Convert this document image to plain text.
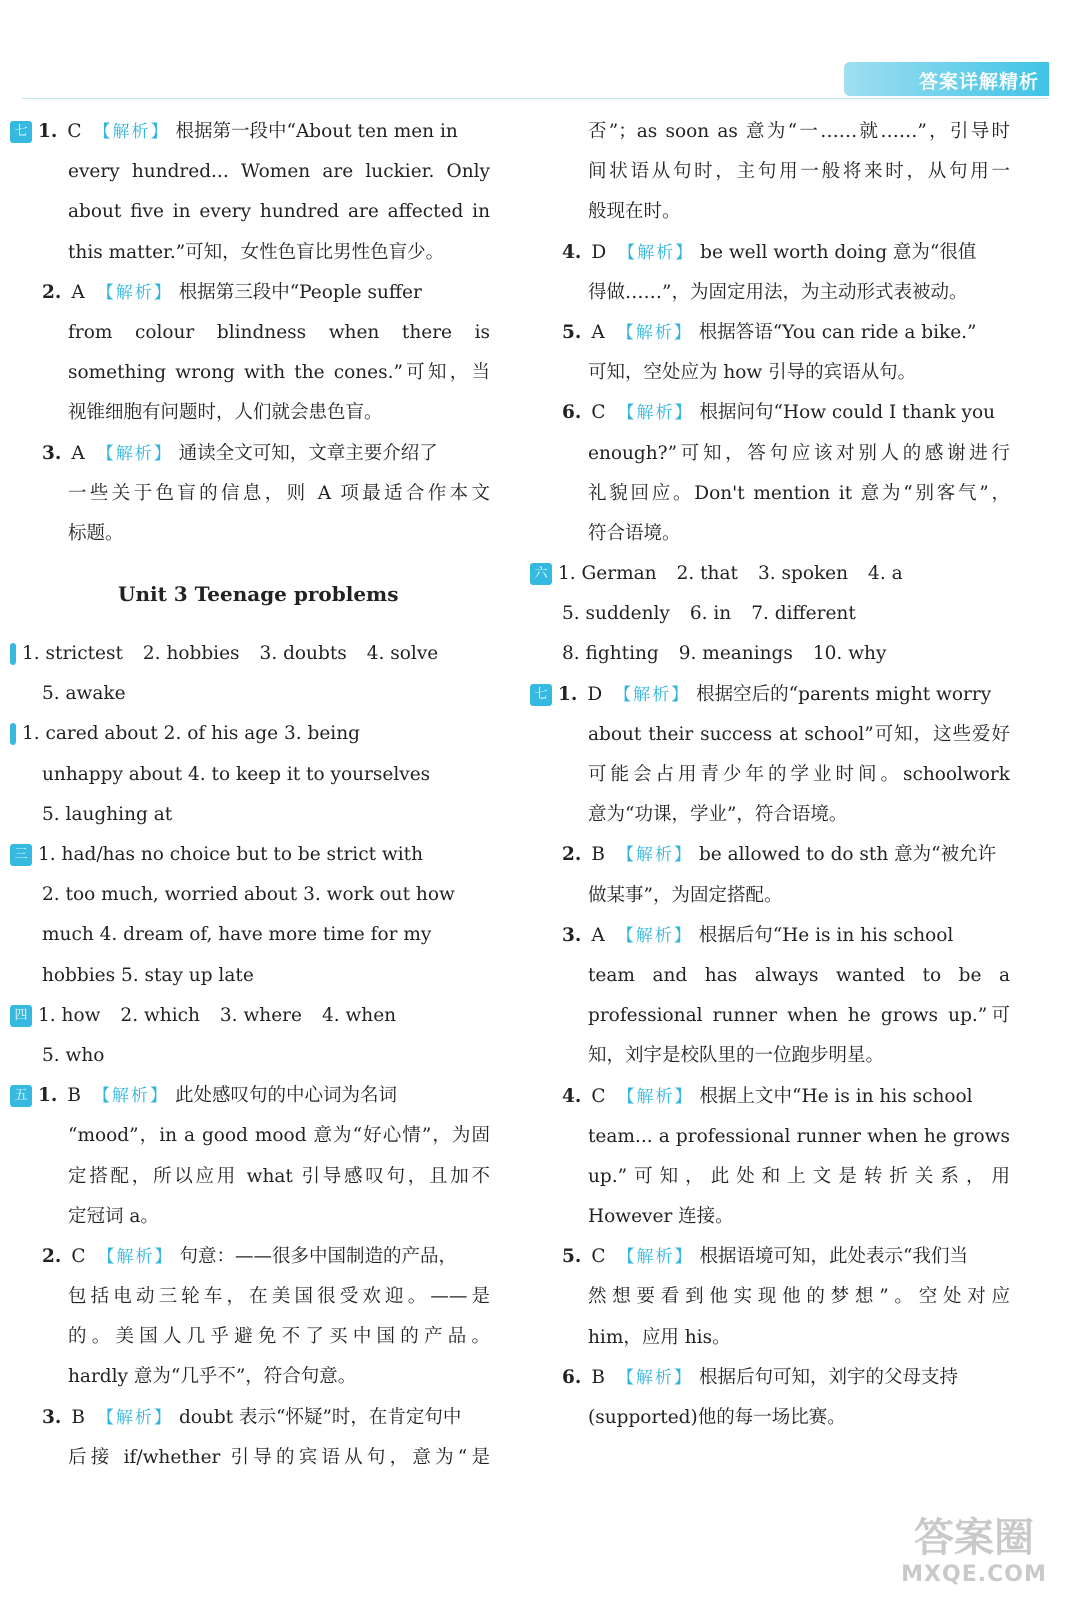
答案详解精析
七 1. C 【解析】 根据第一段中“About ten men in
every hundred... Women are luckier. Only
about five in every hundred are affected in
this matter.”可知，女性色盲比男性色盲少。
2. A 【解析】 根据第三段中“People suffer
from colour blindness when there is
something wrong with the cones.”可知，当
视锥细胞有问题时，人们就会患色盲。
3. A 【解析】 通读全文可知，文章主要介绍了
一些关于色盲的信息，则 A 项最适合作本文
标题。
Unit 3 Teenage problems
1. strictest 2. hobbies 3. doubts 4. solve
5. awake
1. cared about 2. of his age 3. being
unhappy about 4. to keep it to yourselves
5. laughing at
三 1. had/has no choice but to be strict with
2. too much, worried about 3. work out how
much 4. dream of, have more time for my
hobbies 5. stay up late
四 1. how 2. which 3. where 4. when
5. who
五 1. B 【解析】 此处感叹句的中心词为名词
“mood”，in a good mood 意为“好心情”，为固
定搭配，所以应用 what 引导感叹句，且加不
定冠词 a。
2. C 【解析】 句意：——很多中国制造的产品，
包括电动三轮车，在美国很受欢迎。——是
的。美国人几乎避免不了买中国的产品。
hardly 意为“几乎不”，符合句意。
3. B 【解析】 doubt 表示“怀疑”时，在肯定句中
后接 if/whether 引导的宾语从句，意为“是
否”；as soon as 意为“一……就……”，引导时
间状语从句时，主句用一般将来时，从句用一
般现在时。
4. D 【解析】 be well worth doing 意为“很值
得做……”，为固定用法，为主动形式表被动。
5. A 【解析】 根据答语“You can ride a bike.”
可知，空处应为 how 引导的宾语从句。
6. C 【解析】 根据问句“How could I thank you
enough?”可知，答句应该对别人的感谢进行
礼貌回应。Don't mention it 意为“别客气”，
符合语境。
六 1. German 2. that 3. spoken 4. a
5. suddenly 6. in 7. different
8. fighting 9. meanings 10. why
七 1. D 【解析】 根据空后的“parents might worry
about their success at school”可知，这些爱好
可能会占用青少年的学业时间。schoolwork
意为“功课，学业”，符合语境。
2. B 【解析】 be allowed to do sth 意为“被允许
做某事”，为固定搭配。
3. A 【解析】 根据后句“He is in his school
team and has always wanted to be a
professional runner when he grows up.”可
知，刘宇是校队里的一位跑步明星。
4. C 【解析】 根据上文中“He is in his school
team... a professional runner when he grows
up.”可知，此处和上文是转折关系，用
However 连接。
5. C 【解析】 根据语境可知，此处表示“我们当
然想要看到他实现他的梦想”。空处对应
him，应用 his。
6. B 【解析】 根据后句可知，刘宇的父母支持
(supported)他的每一场比赛。
答案圈
MXQE.COM
